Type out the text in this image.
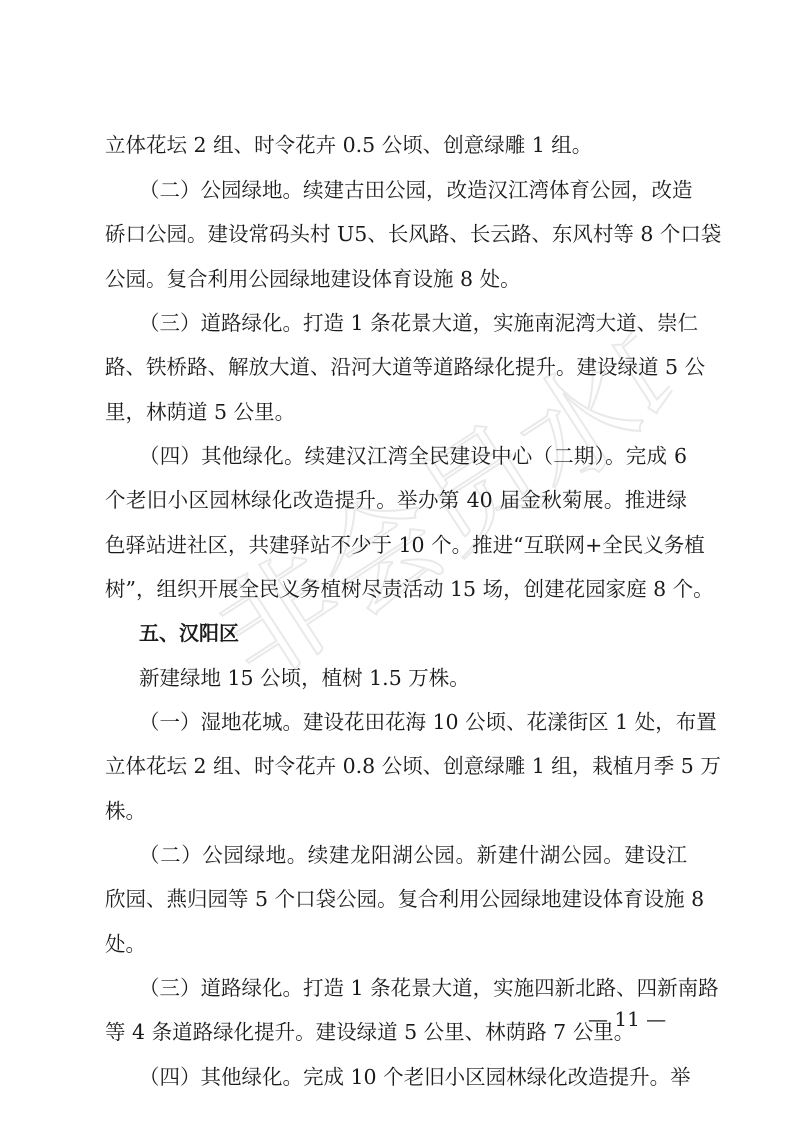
非会员水印
立体花坛 2 组、时令花卉 0.5 公顷、创意绿雕 1 组。
（二）公园绿地。续建古田公园，改造汉江湾体育公园，改造
硚口公园。建设常码头村 U5、长风路、长云路、东风村等 8 个口袋
公园。复合利用公园绿地建设体育设施 8 处。
（三）道路绿化。打造 1 条花景大道，实施南泥湾大道、崇仁
路、铁桥路、解放大道、沿河大道等道路绿化提升。建设绿道 5 公
里，林荫道 5 公里。
（四）其他绿化。续建汉江湾全民建设中心（二期）。完成 6
个老旧小区园林绿化改造提升。举办第 40 届金秋菊展。推进绿
色驿站进社区，共建驿站不少于 10 个。推进“互联网+全民义务植
树”，组织开展全民义务植树尽责活动 15 场，创建花园家庭 8 个。
五、汉阳区
新建绿地 15 公顷，植树 1.5 万株。
（一）湿地花城。建设花田花海 10 公顷、花漾街区 1 处，布置
立体花坛 2 组、时令花卉 0.8 公顷、创意绿雕 1 组，栽植月季 5 万
株。
（二）公园绿地。续建龙阳湖公园。新建什湖公园。建设江
欣园、燕归园等 5 个口袋公园。复合利用公园绿地建设体育设施 8
处。
（三）道路绿化。打造 1 条花景大道，实施四新北路、四新南路
等 4 条道路绿化提升。建设绿道 5 公里、林荫路 7 公里。
（四）其他绿化。完成 10 个老旧小区园林绿化改造提升。举
— 11 —
